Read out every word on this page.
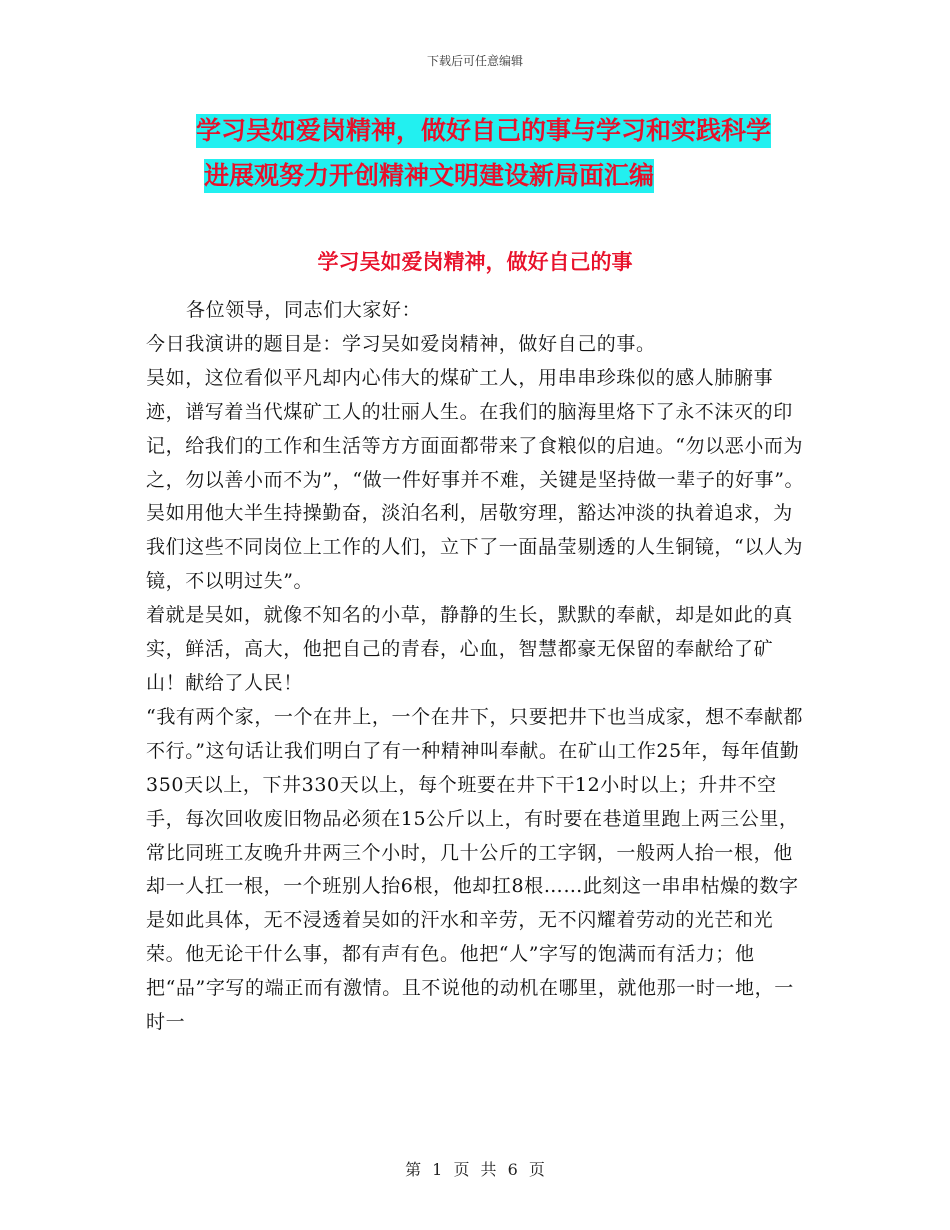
下载后可任意编辑
学习吴如爱岗精神，做好自己的事与学习和实践科学
进展观努力开创精神文明建设新局面汇编
学习吴如爱岗精神，做好自己的事

各位领导，同志们大家好：

今日我演讲的题目是：学习吴如爱岗精神，做好自己的事。

吴如，这位看似平凡却内心伟大的煤矿工人，用串串珍珠似的感人肺腑事迹，谱写着当代煤矿工人的壮丽人生。在我们的脑海里烙下了永不沫灭的印记，给我们的工作和生活等方方面面都带来了食粮似的启迪。“勿以恶小而为之，勿以善小而不为”，“做一件好事并不难，关键是坚持做一辈子的好事”。吴如用他大半生持操勤奋，淡泊名利，居敬穷理，豁达冲淡的执着追求，为我们这些不同岗位上工作的人们，立下了一面晶莹剔透的人生铜镜，“以人为镜，不以明过失”。

着就是吴如，就像不知名的小草，静静的生长，默默的奉献，却是如此的真实，鲜活，高大，他把自己的青春，心血，智慧都豪无保留的奉献给了矿山！献给了人民！

“我有两个家，一个在井上，一个在井下，只要把井下也当成家，想不奉献都不行。”这句话让我们明白了有一种精神叫奉献。在矿山工作25年，每年值勤350天以上，下井330天以上，每个班要在井下干12小时以上；升井不空手，每次回收废旧物品必须在15公斤以上，有时要在巷道里跑上两三公里，常比同班工友晚升井两三个小时，几十公斤的工字钢，一般两人抬一根，他却一人扛一根，一个班别人抬6根，他却扛8根……此刻这一串串枯燥的数字是如此具体，无不浸透着吴如的汗水和辛劳，无不闪耀着劳动的光芒和光荣。他无论干什么事，都有声有色。他把“人”字写的饱满而有活力；他把“品”字写的端正而有激情。且不说他的动机在哪里，就他那一时一地，一时一

第 1 页 共 6 页
